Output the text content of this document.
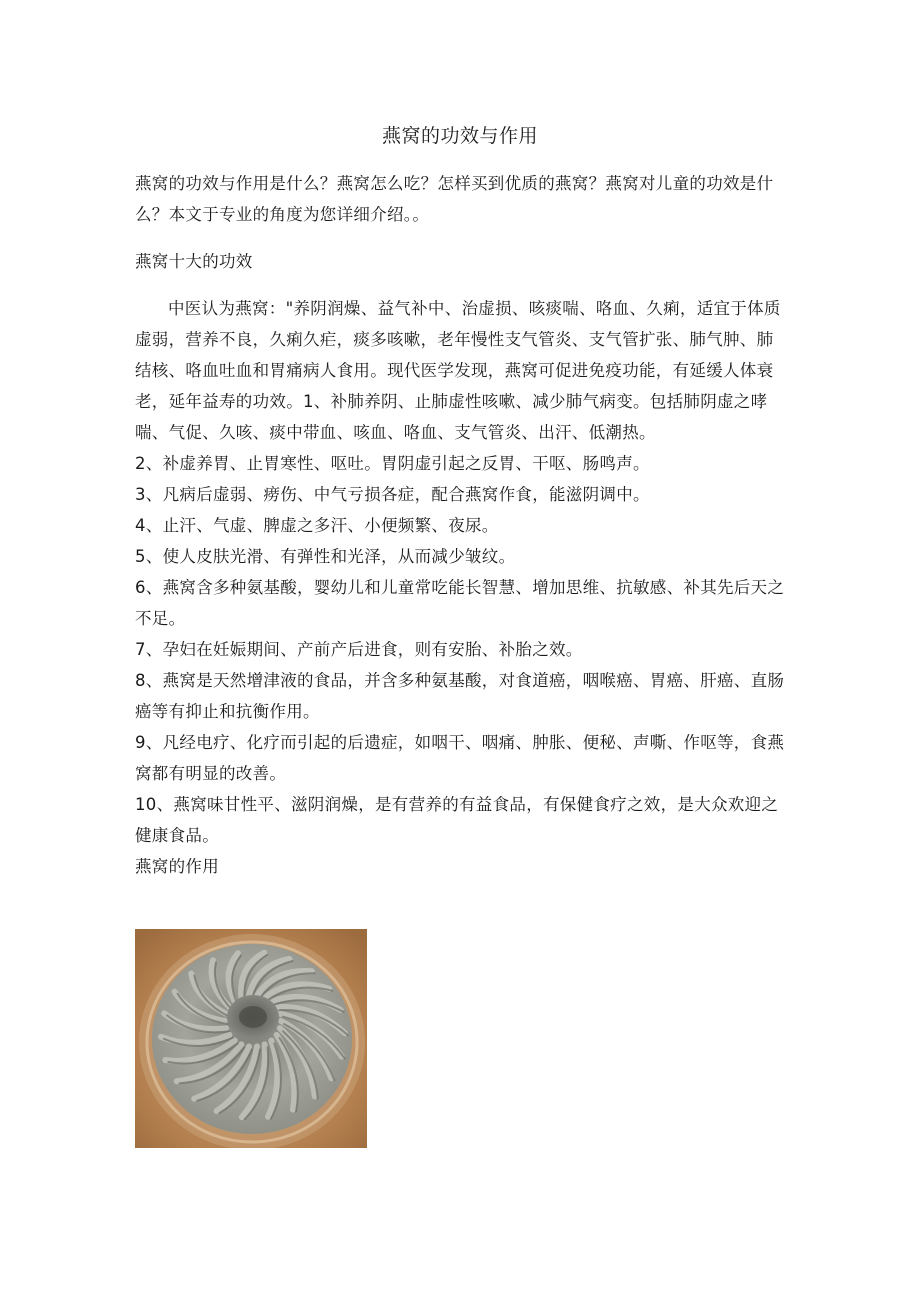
燕窝的功效与作用

燕窝的功效与作用是什么？燕窝怎么吃？怎样买到优质的燕窝？燕窝对儿童的功效是什么？本文于专业的角度为您详细介绍。。

燕窝十大的功效

中医认为燕窝："养阴润燥、益气补中、治虚损、咳痰喘、咯血、久痢，适宜于体质虚弱，营养不良，久痢久疟，痰多咳嗽，老年慢性支气管炎、支气管扩张、肺气肿、肺结核、咯血吐血和胃痛病人食用。现代医学发现，燕窝可促进免疫功能，有延缓人体衰老，延年益寿的功效。1、补肺养阴、止肺虚性咳嗽、减少肺气病变。包括肺阴虚之哮喘、气促、久咳、痰中带血、咳血、咯血、支气管炎、出汗、低潮热。

2、补虚养胃、止胃寒性、呕吐。胃阴虚引起之反胃、干呕、肠鸣声。

3、凡病后虚弱、痨伤、中气亏损各症，配合燕窝作食，能滋阴调中。

4、止汗、气虚、脾虚之多汗、小便频繁、夜尿。

5、使人皮肤光滑、有弹性和光泽，从而减少皱纹。

6、燕窝含多种氨基酸，婴幼儿和儿童常吃能长智慧、增加思维、抗敏感、补其先后天之不足。

7、孕妇在妊娠期间、产前产后进食，则有安胎、补胎之效。

8、燕窝是天然增津液的食品，并含多种氨基酸，对食道癌，咽喉癌、胃癌、肝癌、直肠癌等有抑止和抗衡作用。

9、凡经电疗、化疗而引起的后遗症，如咽干、咽痛、肿胀、便秘、声嘶、作呕等，食燕窝都有明显的改善。

10、燕窝味甘性平、滋阴润燥，是有营养的有益食品，有保健食疗之效，是大众欢迎之健康食品。

燕窝的作用
